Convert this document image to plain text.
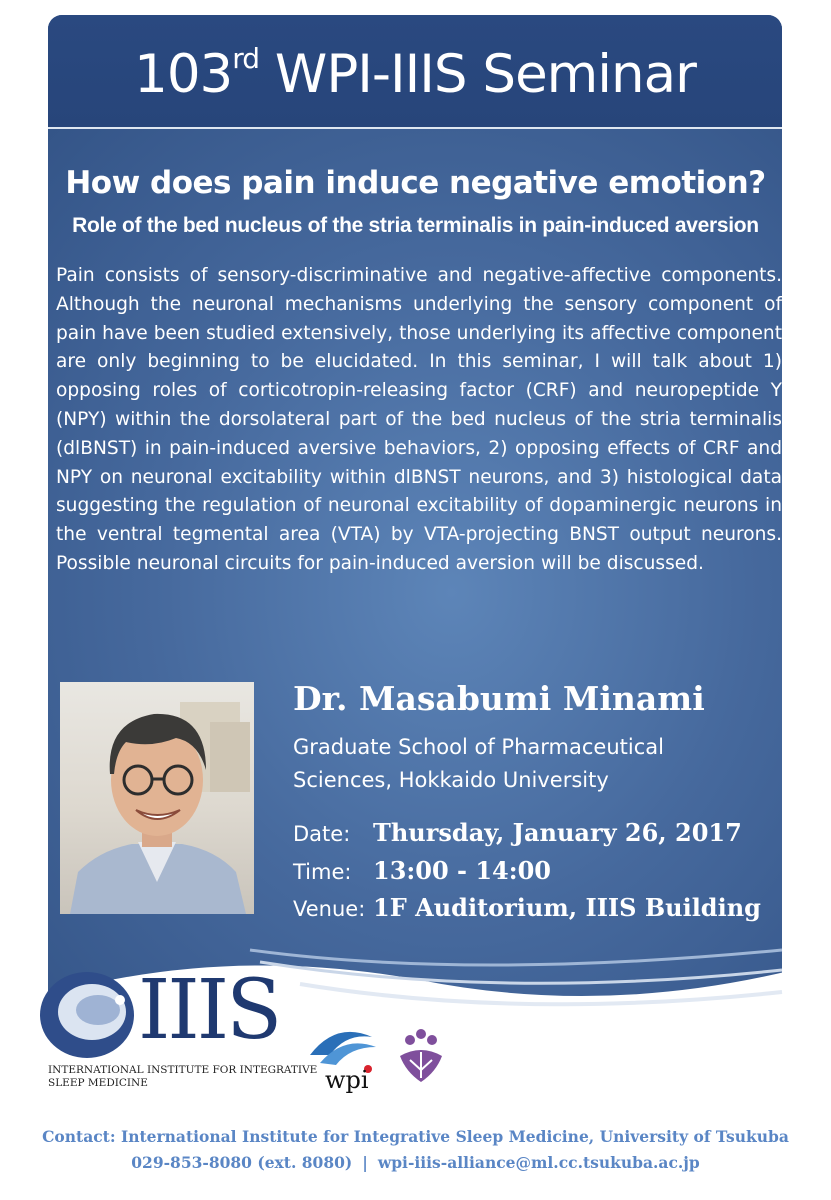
103rd WPI-IIIS Seminar
How does pain induce negative emotion?
Role of the bed nucleus of the stria terminalis in pain-induced aversion
Pain consists of sensory-discriminative and negative-affective components. Although the neuronal mechanisms underlying the sensory component of pain have been studied extensively, those underlying its affective component are only beginning to be elucidated. In this seminar, I will talk about 1) opposing roles of corticotropin-releasing factor (CRF) and neuropeptide Y (NPY) within the dorsolateral part of the bed nucleus of the stria terminalis (dlBNST) in pain-induced aversive behaviors, 2) opposing effects of CRF and NPY on neuronal excitability within dlBNST neurons, and 3) histological data suggesting the regulation of neuronal excitability of dopaminergic neurons in the ventral tegmental area (VTA) by VTA-projecting BNST output neurons. Possible neuronal circuits for pain-induced aversion will be discussed.
Dr. Masabumi Minami
Graduate School of Pharmaceutical
Sciences, Hokkaido University
Date: Thursday, January 26, 2017
Time: 13:00 - 14:00
Venue: 1F Auditorium, IIIS Building
IIIS
INTERNATIONAL INSTITUTE FOR INTEGRATIVE
SLEEP MEDICINE	wpi
Contact: International Institute for Integrative Sleep Medicine, University of Tsukuba
029-853-8080 (ext. 8080) | wpi-iiis-alliance@ml.cc.tsukuba.ac.jp
